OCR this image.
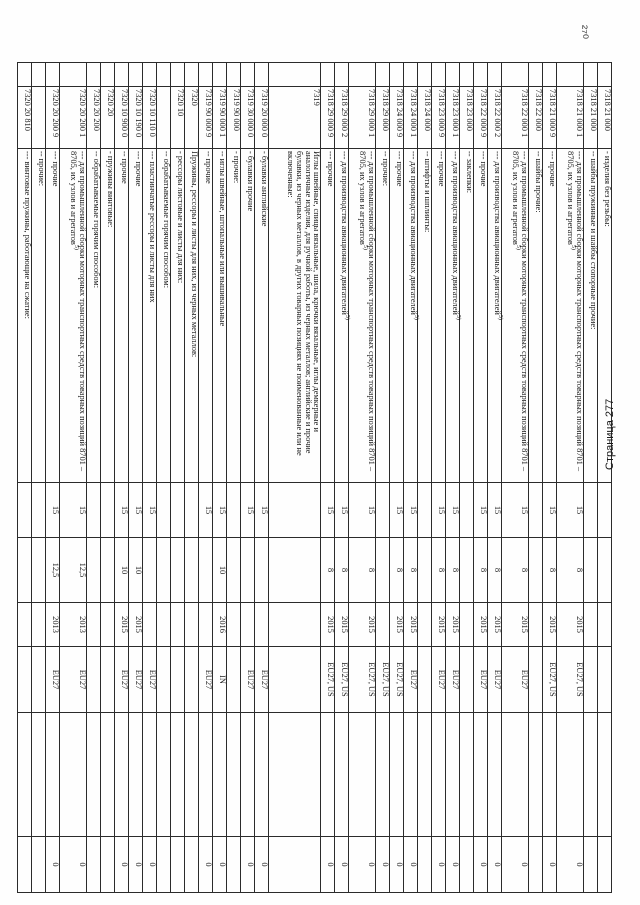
²⁷⁰
	7318 21 000	- изделия без резьбы:						
	7318 21 000	-- шайбы пружинные и шайбы стопорные прочие:						
	7318 21 000 1	--- для промышленной сборки моторных транспортных средств товарных позиций 8701 – 8705, их узлов и агрегатов$^{5)}$	15	8	2015	EU27, US		0
	7318 21 000 9	--- прочие	15	8	2015	EU27, US		0
	7318 22 000	-- шайбы прочие:						
	7318 22 000 1	--- для промышленной сборки моторных транспортных средств товарных позиций 8701 – 8705, их узлов и агрегатов$^{5)}$	15	8	2015	EU27		0
	7318 22 000 2	--- для производства авиационных двигателей$^{5)}$	15	8	2015	EU27		0
	7318 22 000 9	--- прочие	15	8	2015	EU27		0
	7318 23 000	-- заклепки:						
	7318 23 000 1	--- для производства авиационных двигателей$^{5)}$	15	8	2015	EU27		0
	7318 23 000 9	--- прочие	15	8	2015	EU27		0
	7318 24 000	-- штифты и шплинты:						
	7318 24 000 1	--- для производства авиационных двигателей$^{5)}$	15	8	2015	EU27		0
	7318 24 000 9	--- прочие	15	8	2015	EU27, US		0
	7318 29 000	-- прочие:				EU27, US		0
	7318 29 000 1	--- для промышленной сборки моторных транспортных средств товарных позиций 8701 – 8705, их узлов и агрегатов$^{5)}$	15	8	2015	EU27, US		0
	7318 29 000 2	--- для производства авиационных двигателей$^{5)}$	15	8	2015	EU27, US		0
	7318 29 000 9	--- прочие	15	8	2015	EU27, US		0
	7319	Иглы швейные, спицы вязальные, шила, крючки вязальные, иглы демкерные и аналогичные изделия, для ручной работы, из черных металлов; английские и прочие булавки, из черных металлов, в других товарных позициях не поименованные или не включенные:						
	7319 20 000 0	- булавки английские	15			EU27		0
	7319 30 000 0	- булавки прочие	15			EU27		0
	7319 90 000	- прочие:						
	7319 90 000 1	-- иглы швейные, штопальные или вышивальные	15	10	2016	IN		0
	7319 90 000 9	-- прочие	15			EU27		0
	7320	Пружины, рессоры и листы для них, из черных металлов:						
	7320 10	- рессоры листовые и листы для них:						
		-- обрабатываемые горячим способом:						
	7320 10 110 0	--- пластинчатые рессоры и листы для них	15			EU27		0
	7320 10 190 0	--- прочие	15	10	2015	EU27		0
	7320 10 900 0	-- прочие	15	10	2015	EU27		0
	7320 20	- пружины винтовые:						
	7320 20 200	-- обрабатываемые горячим способом:						
	7320 20 200 1	--- для промышленной сборки моторных транспортных средств товарных позиций 8701 – 8705, их узлов и агрегатов$^{5)}$	15	12,5	2013	EU27		0
	7320 20 200 9	--- прочие	15	12,5	2013	EU27		0
		-- прочие:						
	7320 20 810	--- винтовые пружины, работающие на сжатие:						
Страница 277
